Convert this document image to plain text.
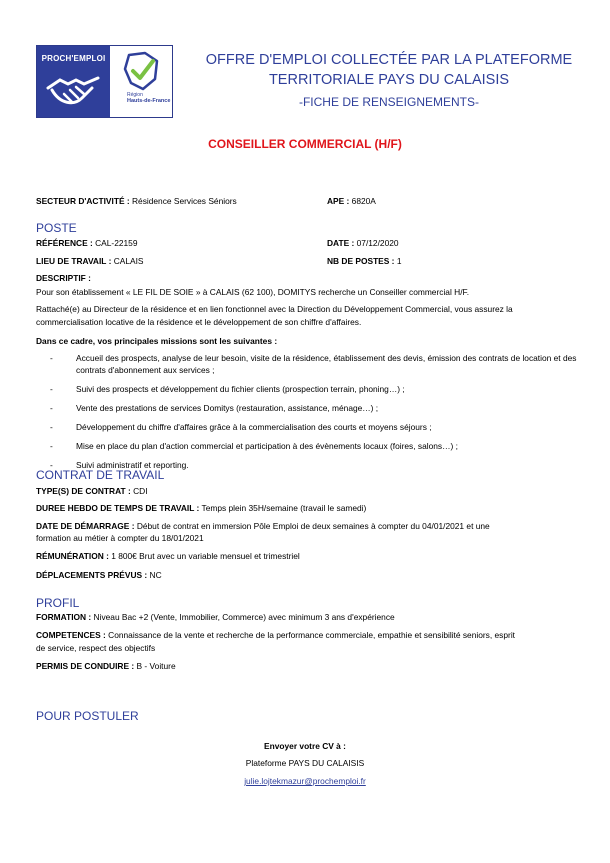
PROCH'EMPLOI
Région
Hauts-de-France
OFFRE D'EMPLOI COLLECTÉE PAR LA PLATEFORME
TERRITORIALE PAYS DU CALAISIS
-FICHE DE RENSEIGNEMENTS-
CONSEILLER COMMERCIAL (H/F)
SECTEUR D'ACTIVITÉ : Résidence Services Séniors	APE : 6820A
POSTE
RÉFÉRENCE : CAL-22159	DATE : 07/12/2020
LIEU DE TRAVAIL : CALAIS	NB DE POSTES : 1
DESCRIPTIF :
Pour son établissement « LE FIL DE SOIE » à CALAIS (62 100), DOMITYS recherche un Conseiller commercial H/F.
Rattaché(e) au Directeur de la résidence et en lien fonctionnel avec la Direction du Développement Commercial, vous assurez la
commercialisation locative de la résidence et le développement de son chiffre d'affaires.
Dans ce cadre, vos principales missions sont les suivantes :
- Accueil des prospects, analyse de leur besoin, visite de la résidence, établissement des devis, émission des contrats de location et des contrats d'abonnement aux services ;
- Suivi des prospects et développement du fichier clients (prospection terrain, phoning…) ;
- Vente des prestations de services Domitys (restauration, assistance, ménage…) ;
- Développement du chiffre d'affaires grâce à la commercialisation des courts et moyens séjours ;
- Mise en place du plan d'action commercial et participation à des évènements locaux (foires, salons…) ;
- Suivi administratif et reporting.
CONTRAT DE TRAVAIL
TYPE(S) DE CONTRAT : CDI
DUREE HEBDO DE TEMPS DE TRAVAIL : Temps plein 35H/semaine (travail le samedi)
DATE DE DÉMARRAGE : Début de contrat en immersion Pôle Emploi de deux semaines à compter du 04/01/2021 et une
formation au métier à compter du 18/01/2021
RÉMUNÉRATION : 1 800€ Brut avec un variable mensuel et trimestriel
DÉPLACEMENTS PRÉVUS : NC
PROFIL
FORMATION : Niveau Bac +2 (Vente, Immobilier, Commerce) avec minimum 3 ans d'expérience
COMPETENCES : Connaissance de la vente et recherche de la performance commerciale, empathie et sensibilité seniors, esprit
de service, respect des objectifs
PERMIS DE CONDUIRE : B - Voiture
POUR POSTULER
Envoyer votre CV à :
Plateforme PAYS DU CALAISIS
julie.lojtekmazur@prochemploi.fr
